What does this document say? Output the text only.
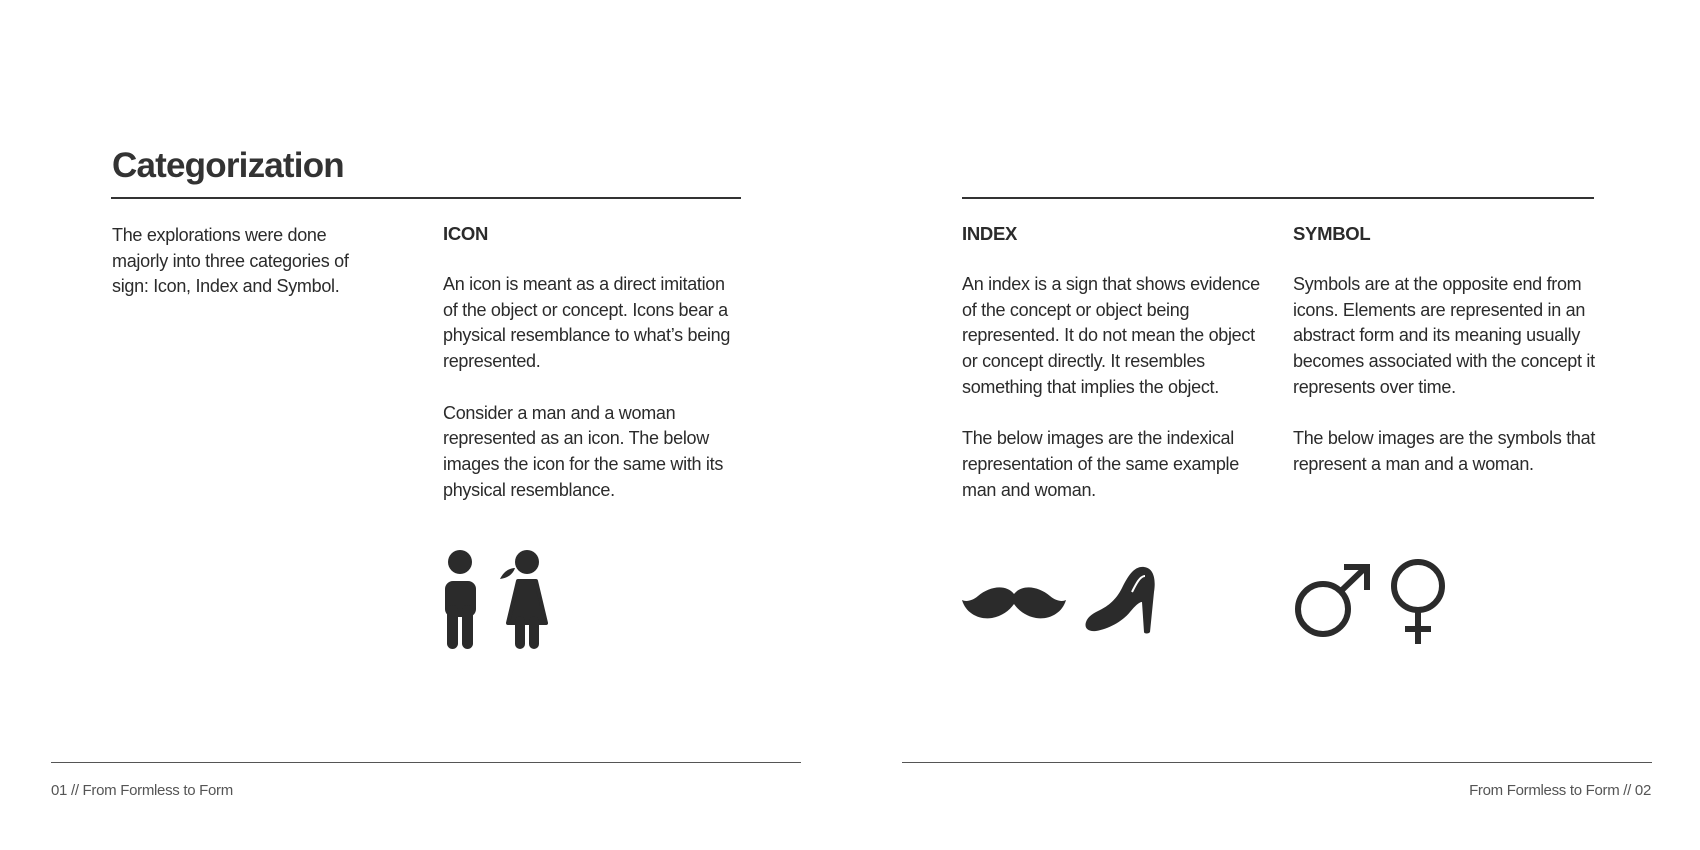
Categorization

The explorations were done majorly into three categories of sign: Icon, Index and Symbol.

ICON

An icon is meant as a direct imitation of the object or concept. Icons bear a physical resemblance to what’s being represented.

Consider a man and a woman represented as an icon. The below images the icon for the same with its physical resemblance.

01 // From Formless to Form
INDEX

An index is a sign that shows evidence of the concept or object being represented. It do not mean the object or concept directly. It resembles something that implies the object.

The below images are the indexical representation of the same example man and woman.

SYMBOL

Symbols are at the opposite end from icons. Elements are represented in an abstract form and its meaning usually becomes associated with the concept it represents over time.

The below images are the symbols that represent a man and a woman.

From Formless to Form // 02
